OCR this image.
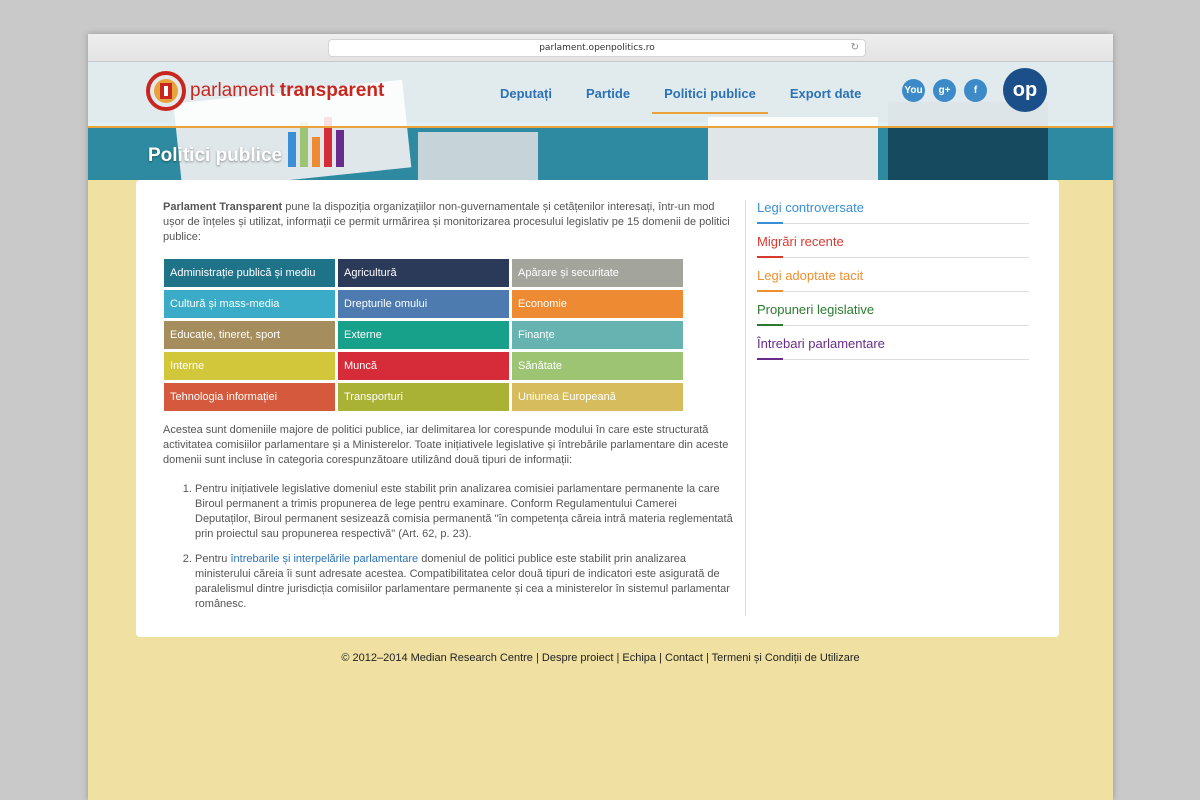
parlament.openpolitics.ro	↻
parlament transparent	Deputați	Partide	Politici publice	Export date	You	g+	f	op
Politici publice

Parlament Transparent pune la dispoziția organizațiilor non-guvernamentale și cetățenilor interesați, într-un mod ușor de înțeles și utilizat, informații ce permit urmărirea și monitorizarea procesului legislativ pe 15 domenii de politici publice:

Administrație publică și mediu	Agricultură	Apărare și securitate
Cultură și mass-media	Drepturile omului	Economie
Educație, tineret, sport	Externe	Finanțe
Interne	Muncă	Sănătate
Tehnologia informației	Transporturi	Uniunea Europeană

Acestea sunt domeniile majore de politici publice, iar delimitarea lor corespunde modului în care este structurată activitatea comisiilor parlamentare și a Ministerelor. Toate inițiativele legislative și întrebările parlamentare din aceste domenii sunt incluse în categoria corespunzătoare utilizând două tipuri de informații:

1. Pentru inițiativele legislative domeniul este stabilit prin analizarea comisiei parlamentare permanente la care Biroul permanent a trimis propunerea de lege pentru examinare. Conform Regulamentului Camerei Deputaților, Biroul permanent sesizează comisia permanentă "în competența căreia intră materia reglementată prin proiectul sau propunerea respectivă" (Art. 62, p. 23).
2. Pentru întrebarile și interpelările parlamentare domeniul de politici publice este stabilit prin analizarea ministerului căreia îi sunt adresate acestea. Compatibilitatea celor două tipuri de indicatori este asigurată de paralelismul dintre jurisdicția comisiilor parlamentare permanente și cea a ministerelor în sistemul parlamentar românesc.
Legi controversate
Migrări recente
Legi adoptate tacit
Propuneri legislative
Întrebari parlamentare
© 2012–2014 Median Research Centre | Despre proiect | Echipa | Contact | Termeni și Condiții de Utilizare
